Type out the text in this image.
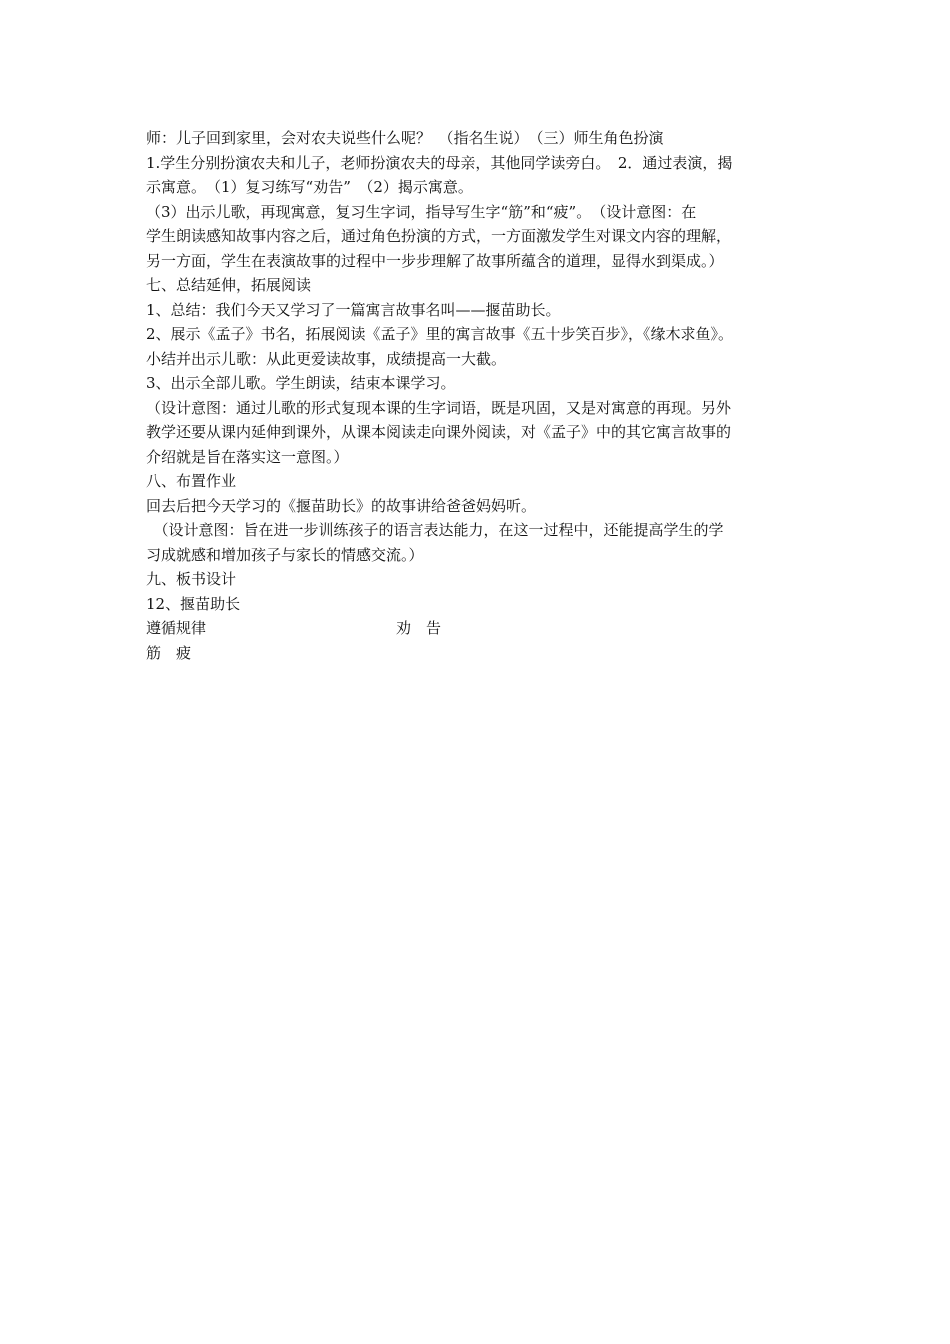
师：儿子回到家里，会对农夫说些什么呢？　（指名生说）　（三）师生角色扮演
1.学生分别扮演农夫和儿子，老师扮演农夫的母亲，其他同学读旁白。　2．通过表演，揭
示寓意。　（1）复习练写“劝告”　（2）揭示寓意。
（3）出示儿歌，再现寓意，复习生字词，指导写生字“筋”和“疲”。　（设计意图：在
学生朗读感知故事内容之后，通过角色扮演的方式，一方面激发学生对课文内容的理解，
另一方面，学生在表演故事的过程中一步步理解了故事所蕴含的道理，显得水到渠成。）
七、总结延伸，拓展阅读
1、总结：我们今天又学习了一篇寓言故事名叫——揠苗助长。
2、展示《孟子》书名，拓展阅读《孟子》里的寓言故事《五十步笑百步》，《缘木求鱼》。
小结并出示儿歌：从此更爱读故事，成绩提高一大截。
3、出示全部儿歌。学生朗读，结束本课学习。
（设计意图：通过儿歌的形式复现本课的生字词语，既是巩固，又是对寓意的再现。另外
教学还要从课内延伸到课外，从课本阅读走向课外阅读，对《孟子》中的其它寓言故事的
介绍就是旨在落实这一意图。）
八、布置作业
回去后把今天学习的《揠苗助长》的故事讲给爸爸妈妈听。
　（设计意图：旨在进一步训练孩子的语言表达能力，在这一过程中，还能提高学生的学
习成就感和增加孩子与家长的情感交流。）
九、板书设计
12、揠苗助长
遵循规律	劝　告
筋　疲
